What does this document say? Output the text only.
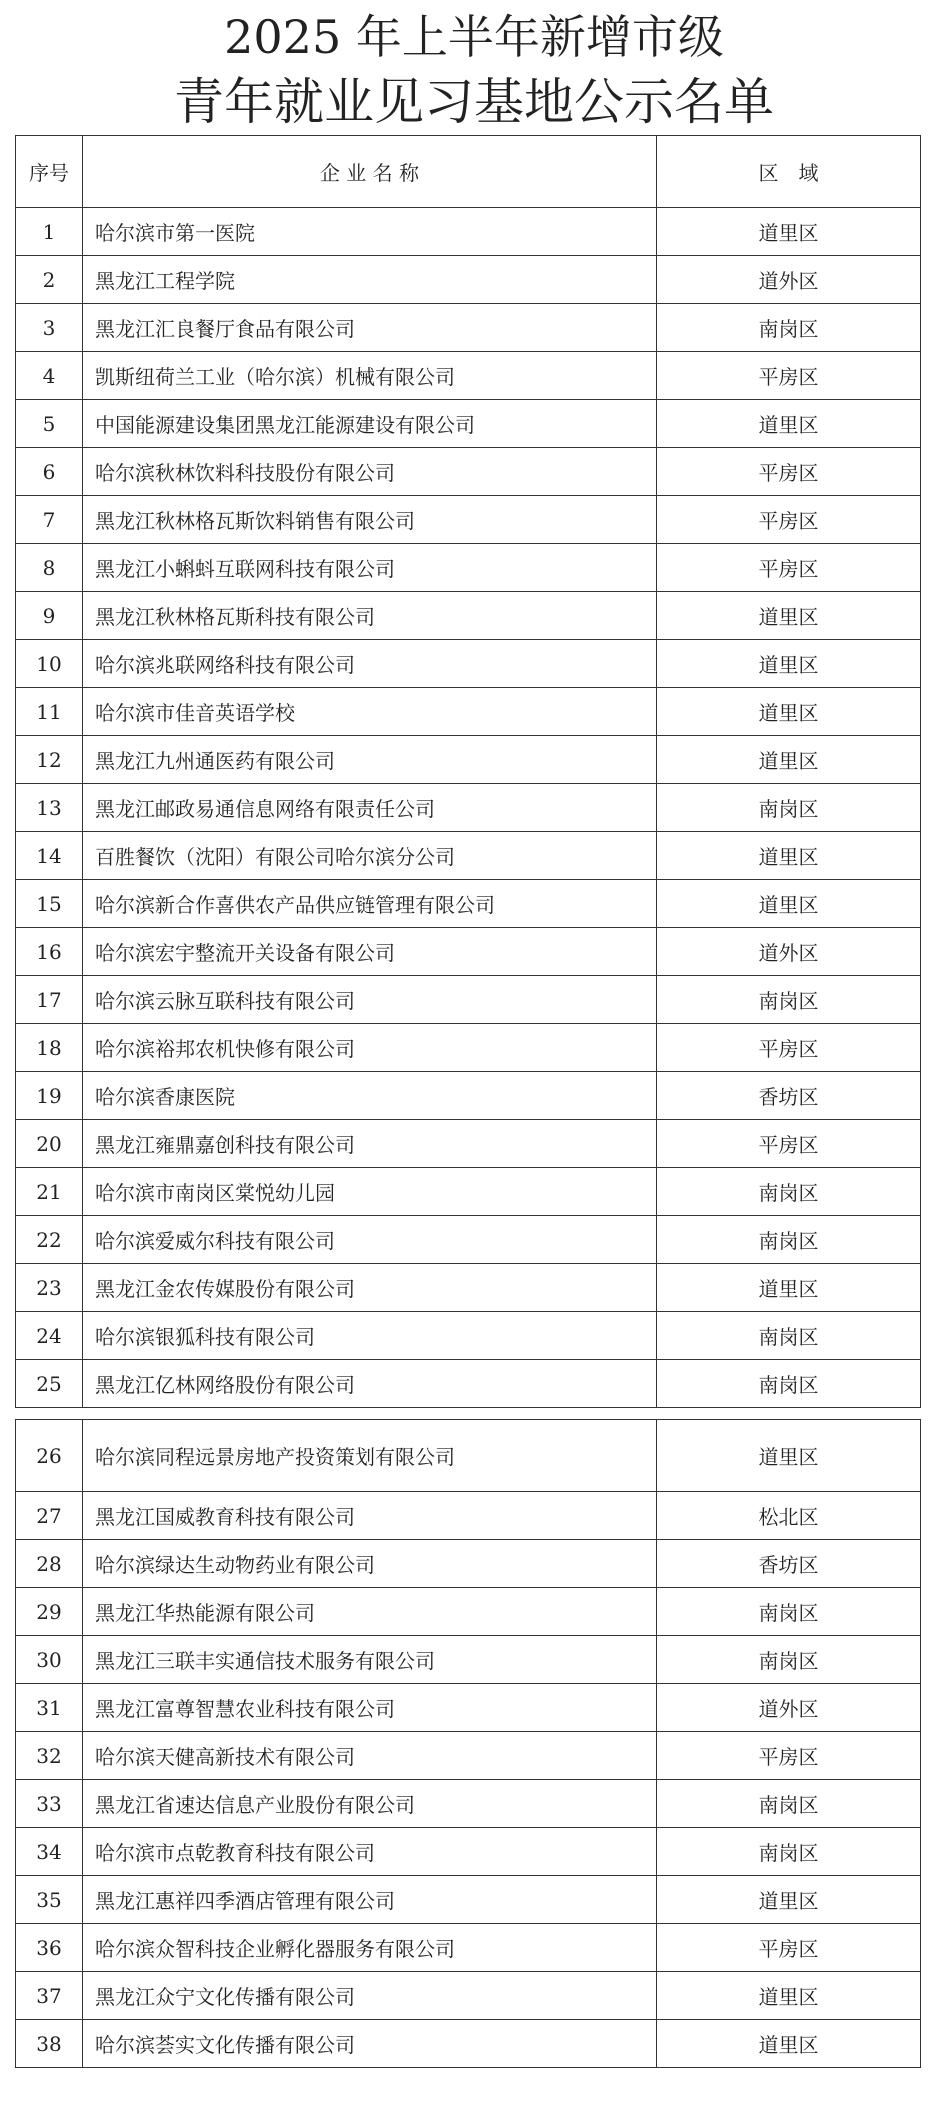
2025 年上半年新增市级
青年就业见习基地公示名单
序号	企 业 名 称	区　域
1	哈尔滨市第一医院	道里区
2	黑龙江工程学院	道外区
3	黑龙江汇良餐厅食品有限公司	南岗区
4	凯斯纽荷兰工业（哈尔滨）机械有限公司	平房区
5	中国能源建设集团黑龙江能源建设有限公司	道里区
6	哈尔滨秋林饮料科技股份有限公司	平房区
7	黑龙江秋林格瓦斯饮料销售有限公司	平房区
8	黑龙江小蝌蚪互联网科技有限公司	平房区
9	黑龙江秋林格瓦斯科技有限公司	道里区
10	哈尔滨兆联网络科技有限公司	道里区
11	哈尔滨市佳音英语学校	道里区
12	黑龙江九州通医药有限公司	道里区
13	黑龙江邮政易通信息网络有限责任公司	南岗区
14	百胜餐饮（沈阳）有限公司哈尔滨分公司	道里区
15	哈尔滨新合作喜供农产品供应链管理有限公司	道里区
16	哈尔滨宏宇整流开关设备有限公司	道外区
17	哈尔滨云脉互联科技有限公司	南岗区
18	哈尔滨裕邦农机快修有限公司	平房区
19	哈尔滨香康医院	香坊区
20	黑龙江雍鼎嘉创科技有限公司	平房区
21	哈尔滨市南岗区棠悦幼儿园	南岗区
22	哈尔滨爱威尔科技有限公司	南岗区
23	黑龙江金农传媒股份有限公司	道里区
24	哈尔滨银狐科技有限公司	南岗区
25	黑龙江亿林网络股份有限公司	南岗区
26	哈尔滨同程远景房地产投资策划有限公司	道里区
27	黑龙江国威教育科技有限公司	松北区
28	哈尔滨绿达生动物药业有限公司	香坊区
29	黑龙江华热能源有限公司	南岗区
30	黑龙江三联丰实通信技术服务有限公司	南岗区
31	黑龙江富尊智慧农业科技有限公司	道外区
32	哈尔滨天健高新技术有限公司	平房区
33	黑龙江省速达信息产业股份有限公司	南岗区
34	哈尔滨市点乾教育科技有限公司	南岗区
35	黑龙江惠祥四季酒店管理有限公司	道里区
36	哈尔滨众智科技企业孵化器服务有限公司	平房区
37	黑龙江众宁文化传播有限公司	道里区
38	哈尔滨荟实文化传播有限公司	道里区
